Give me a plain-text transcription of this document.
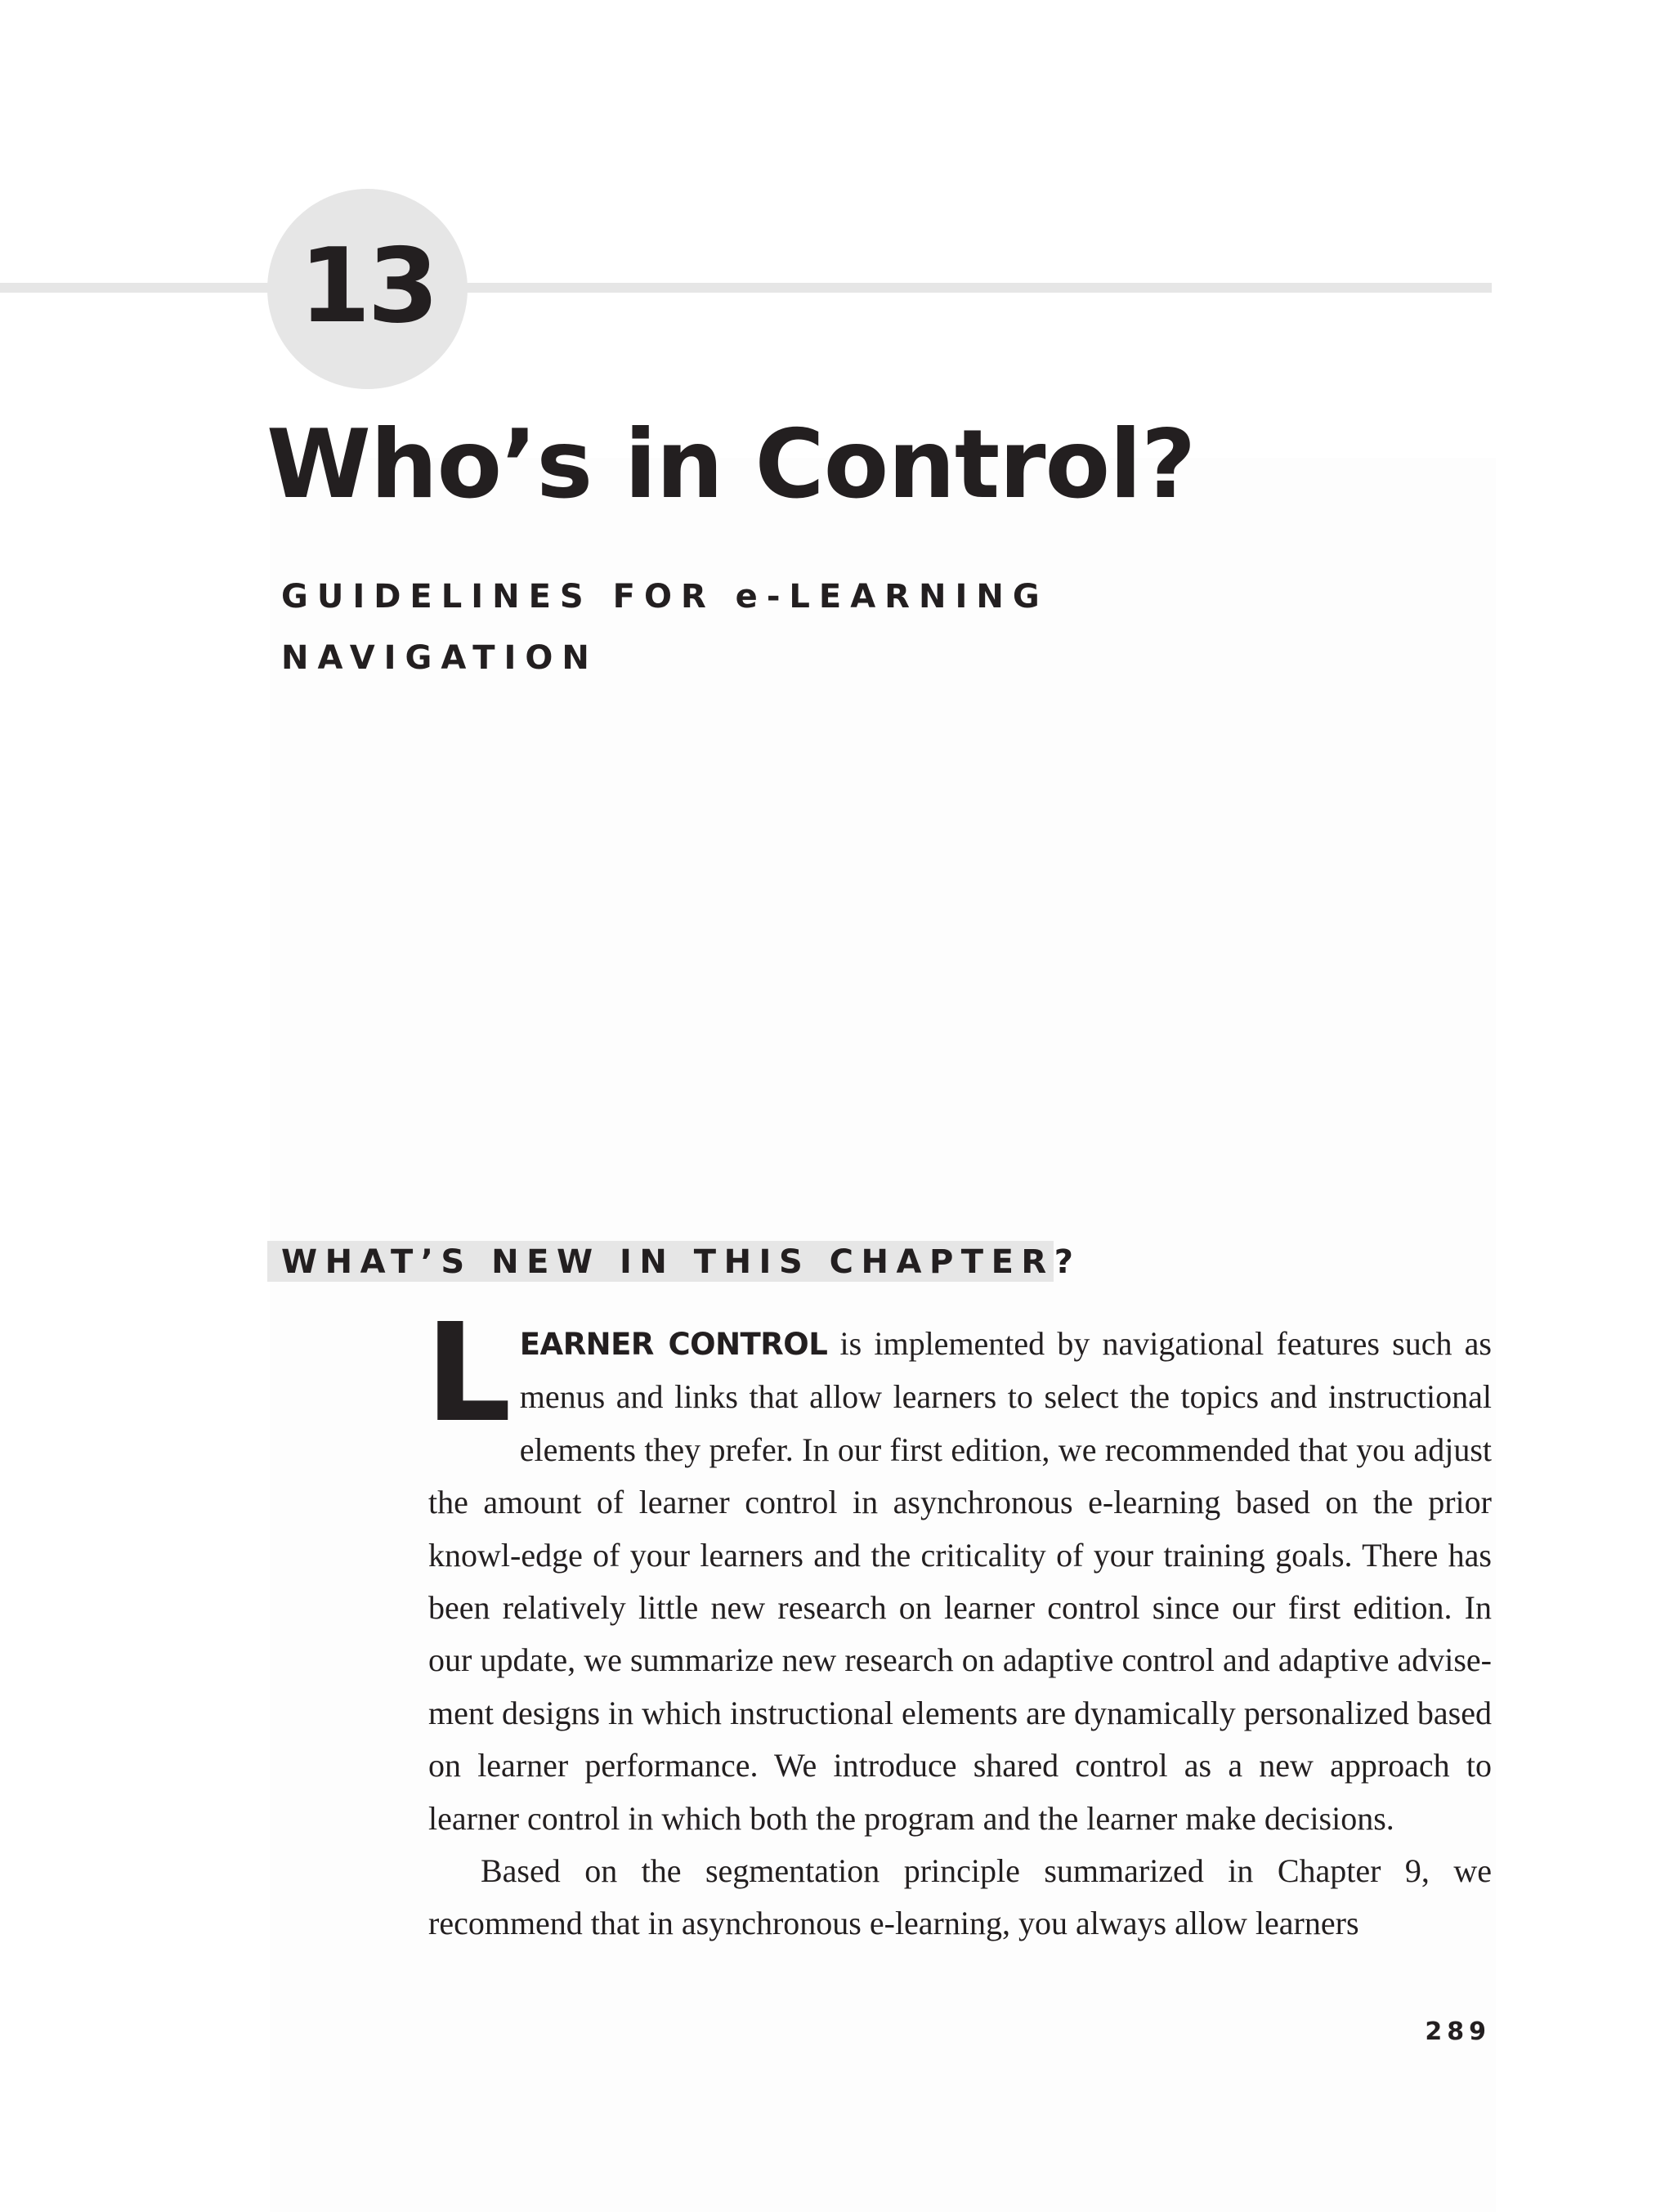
13
Who’s in Control?
GUIDELINES FOR e-LEARNING
NAVIGATION
WHAT’S NEW IN THIS CHAPTER?

LEARNER CONTROL is implemented by navigational features such as menus and links that allow learners to select the topics and instructional elements they prefer. In our first edition, we recommended that you adjust the amount of learner control in asynchronous e-learning based on the prior knowl-edge of your learners and the criticality of your training goals. There has been relatively little new research on learner control since our first edition. In our update, we summarize new research on adaptive control and adaptive advise-ment designs in which instructional elements are dynamically personalized based on learner performance. We introduce shared control as a new approach to learner control in which both the program and the learner make decisions.

Based on the segmentation principle summarized in Chapter 9, we recommend that in asynchronous e-learning, you always allow learners

289
